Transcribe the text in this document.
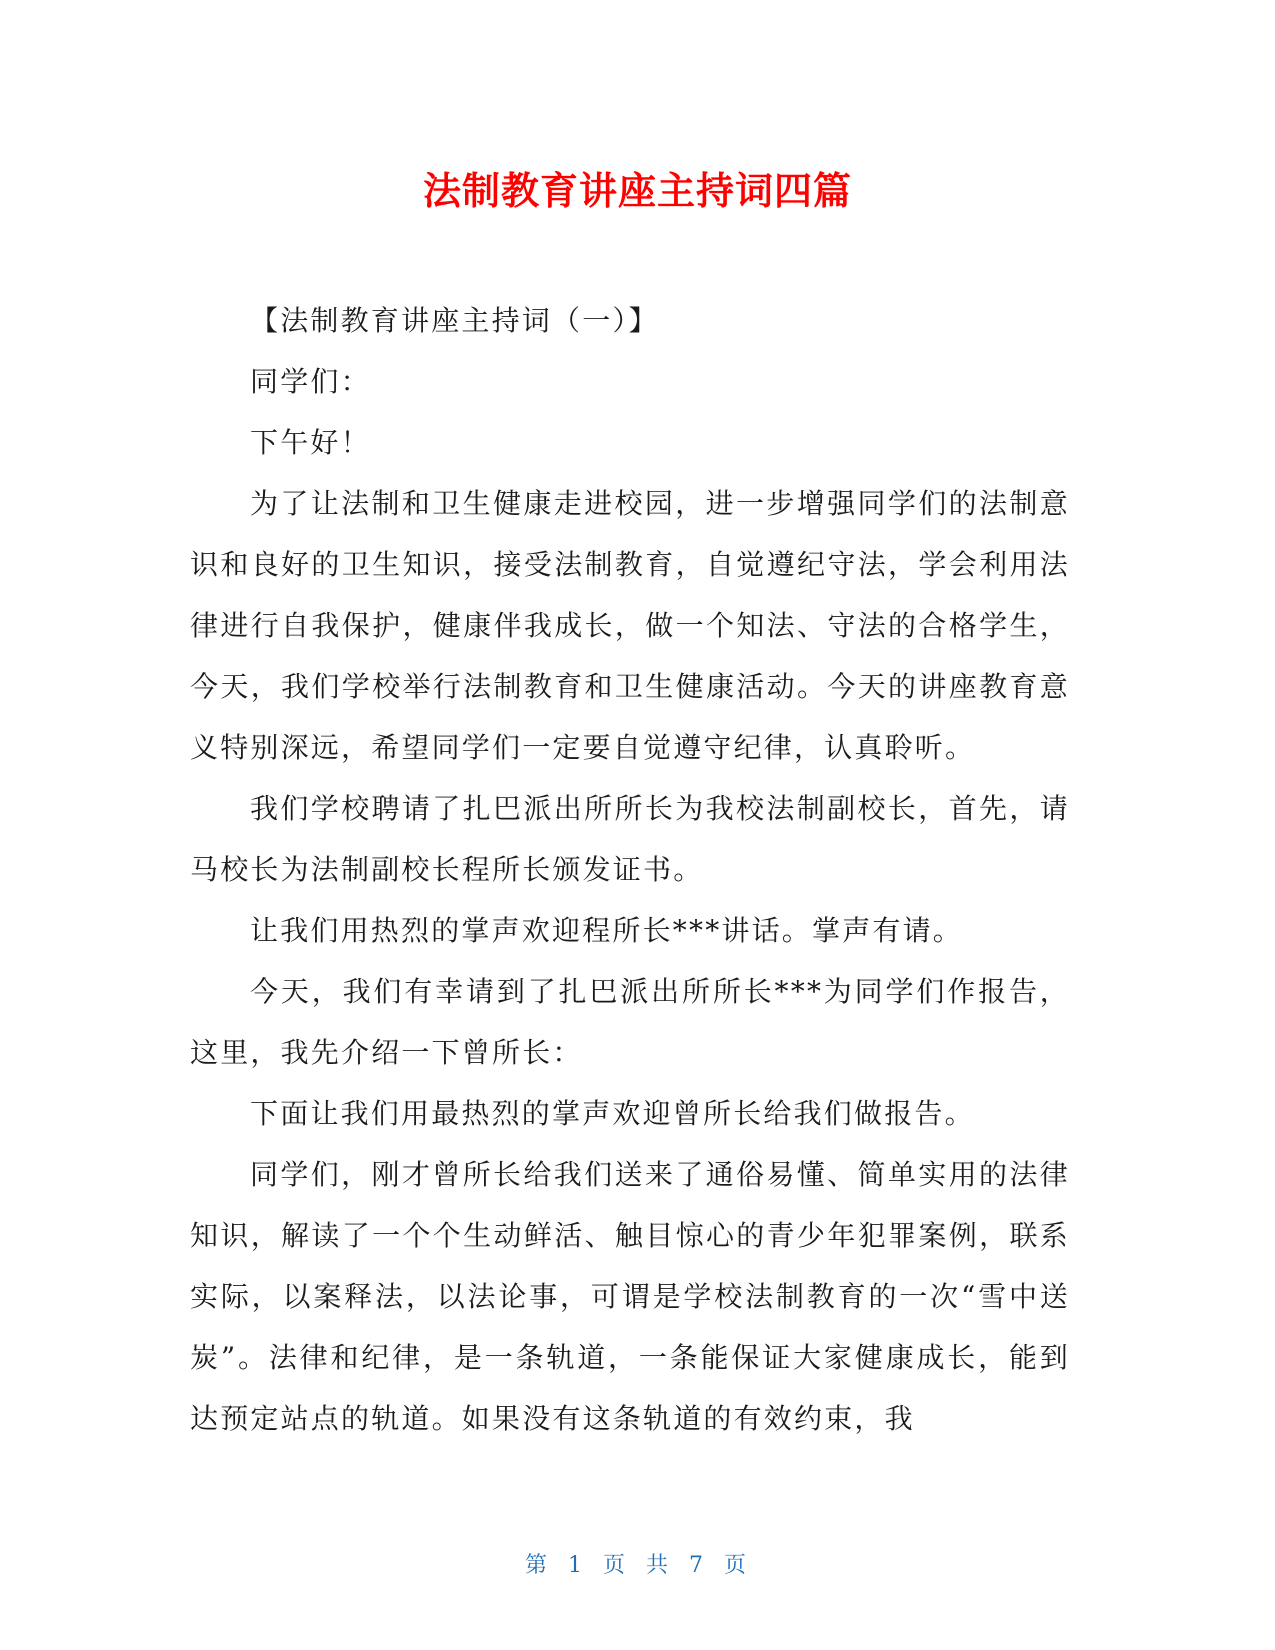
法制教育讲座主持词四篇

【法制教育讲座主持词（一）】

同学们：

下午好！

为了让法制和卫生健康走进校园，进一步增强同学们的法制意识和良好的卫生知识，接受法制教育，自觉遵纪守法，学会利用法律进行自我保护，健康伴我成长，做一个知法、守法的合格学生，今天，我们学校举行法制教育和卫生健康活动。今天的讲座教育意义特别深远，希望同学们一定要自觉遵守纪律，认真聆听。

我们学校聘请了扎巴派出所所长为我校法制副校长，首先，请马校长为法制副校长程所长颁发证书。

让我们用热烈的掌声欢迎程所长***讲话。掌声有请。

今天，我们有幸请到了扎巴派出所所长***为同学们作报告，这里，我先介绍一下曾所长：

下面让我们用最热烈的掌声欢迎曾所长给我们做报告。

同学们，刚才曾所长给我们送来了通俗易懂、简单实用的法律知识，解读了一个个生动鲜活、触目惊心的青少年犯罪案例，联系实际，以案释法，以法论事，可谓是学校法制教育的一次“雪中送炭”。法律和纪律，是一条轨道，一条能保证大家健康成长，能到达预定站点的轨道。如果没有这条轨道的有效约束，我

第 1 页 共 7 页
